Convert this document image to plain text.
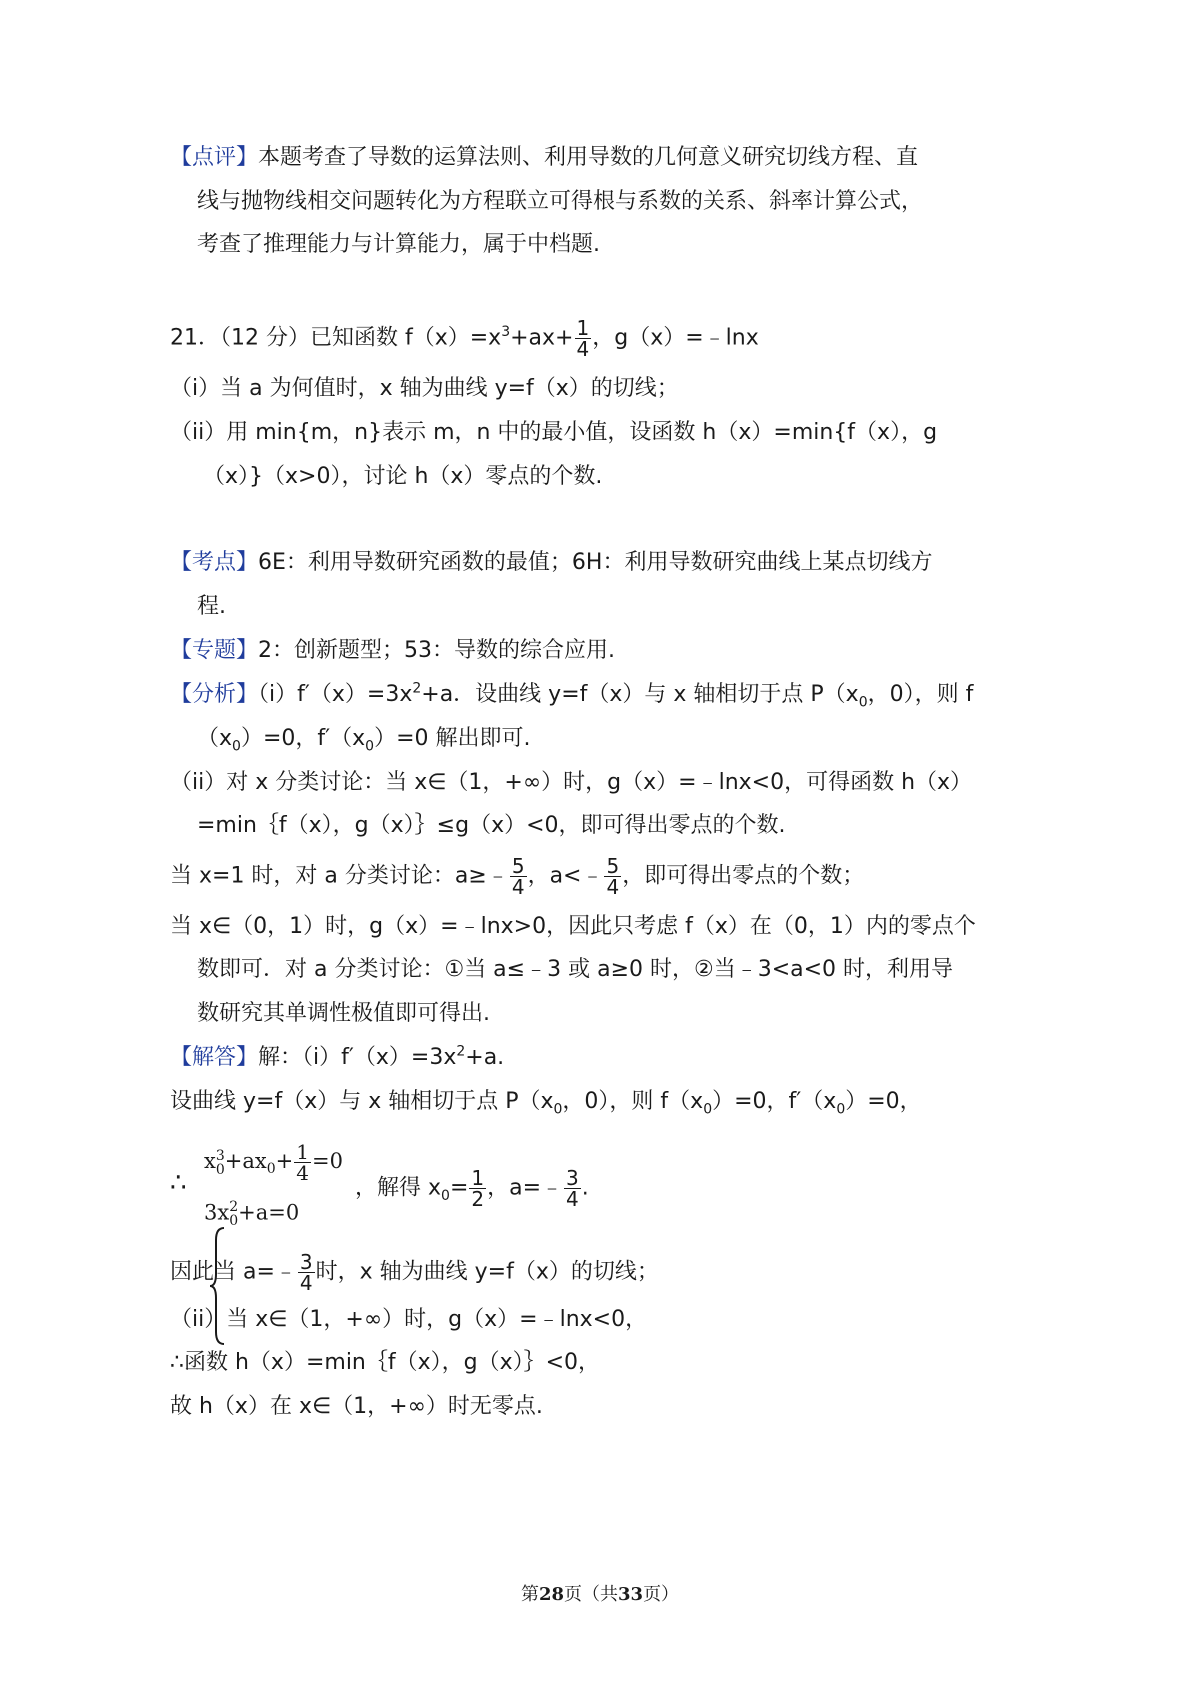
【点评】本题考查了导数的运算法则、利用导数的几何意义研究切线方程、直
线与抛物线相交问题转化为方程联立可得根与系数的关系、斜率计算公式，
考查了推理能力与计算能力，属于中档题.
21．（12 分）已知函数 $f(x)=x^3+ax+ \frac{1}{4}$ ，g（x）=﹣lnx
（i）当 a 为何值时，x 轴为曲线 y=f（x）的切线；
（ii）用 min{m，n}表示 m，n 中的最小值，设函数 h（x）=min{f（x），g
（x）}（x>0），讨论 h（x）零点的个数.
【考点】6E：利用导数研究函数的最值；6H：利用导数研究曲线上某点切线方
程.
【专题】2：创新题型；53：导数的综合应用.
【分析】$(i)f'(x)=3x^2+a$．设曲线 y=f（x）与 x 轴相切于点 $P(x_0$，0），则 f
$(x_0)=0$，$f'(x_0)=0$ 解出即可.
（ii）对 x 分类讨论：当 x∈（1，+∞）时，g（x）=﹣lnx<0，可得函数 h（x）
=min｛f（x），g（x）｝≤g（x）<0，即可得出零点的个数.
当 x=1 时，对 a 分类讨论：a≥﹣ $\frac{5}{4}$ ，a<﹣ $\frac{5}{4}$ ，即可得出零点的个数；
当 x∈（0，1）时，g（x）=﹣lnx>0，因此只考虑 f（x）在（0，1）内的零点个
数即可．对 a 分类讨论：①当 a≤﹣3 或 a≥0 时，②当﹣3<a<0 时，利用导
数研究其单调性极值即可得出.
【解答】解：$(i)f'(x)=3x^2+a$.
设曲线 y=f（x）与 x 轴相切于点 $P(x_0$，0），则 $f(x_0)=0$，$f'(x_0)=0$，
∴
x 3
$0 +ax_0+ \frac{1}{4} =0$
3x 2
0 +a=0
，解得 $x_0= \frac{1}{2}$ ，a=﹣ $\frac{3}{4}$ .
因此当 a=﹣ $\frac{3}{4}$ 时，x 轴为曲线 y=f（x）的切线；
（ii）当 x∈（1，+∞）时，g（x）=﹣lnx<0，
∴函数 h（x）=min｛f（x），g（x）｝<0，
故 h（x）在 x∈（1，+∞）时无零点.
第28页（共33页）
